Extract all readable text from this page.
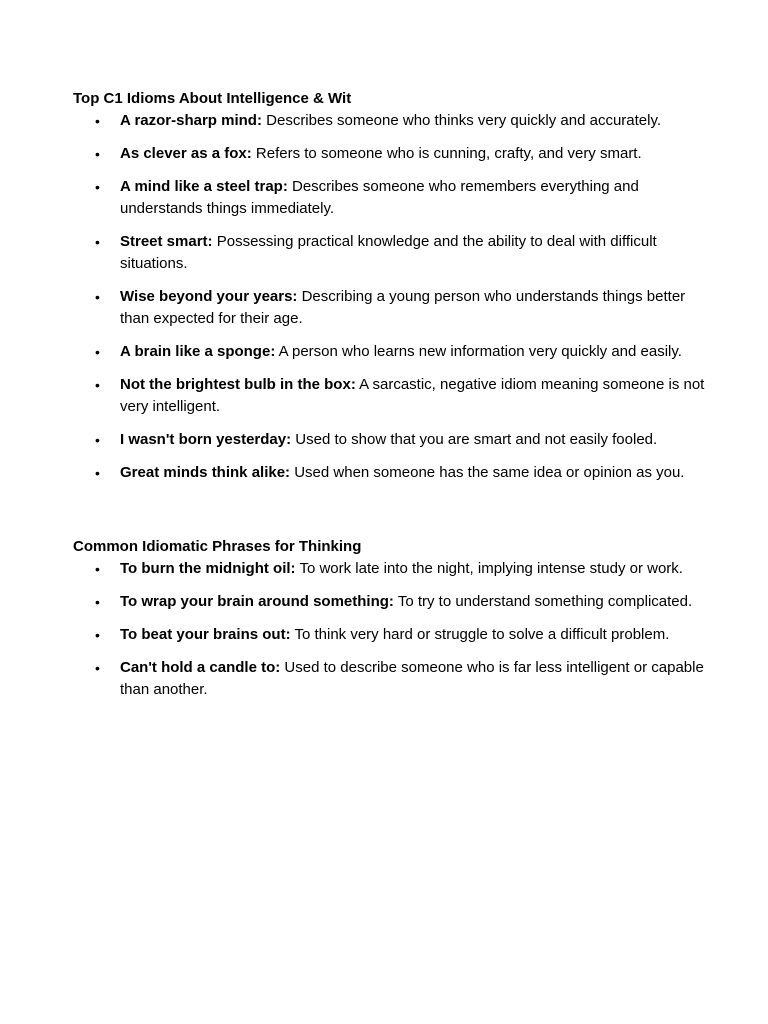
Top C1 Idioms About Intelligence & Wit
• A razor-sharp mind: Describes someone who thinks very quickly and accurately.
• As clever as a fox: Refers to someone who is cunning, crafty, and very smart.
• A mind like a steel trap: Describes someone who remembers everything and understands things immediately.
• Street smart: Possessing practical knowledge and the ability to deal with difficult situations.
• Wise beyond your years: Describing a young person who understands things better than expected for their age.
• A brain like a sponge: A person who learns new information very quickly and easily.
• Not the brightest bulb in the box: A sarcastic, negative idiom meaning someone is not very intelligent.
• I wasn't born yesterday: Used to show that you are smart and not easily fooled.
• Great minds think alike: Used when someone has the same idea or opinion as you.
Common Idiomatic Phrases for Thinking
• To burn the midnight oil: To work late into the night, implying intense study or work.
• To wrap your brain around something: To try to understand something complicated.
• To beat your brains out: To think very hard or struggle to solve a difficult problem.
• Can't hold a candle to: Used to describe someone who is far less intelligent or capable than another.
